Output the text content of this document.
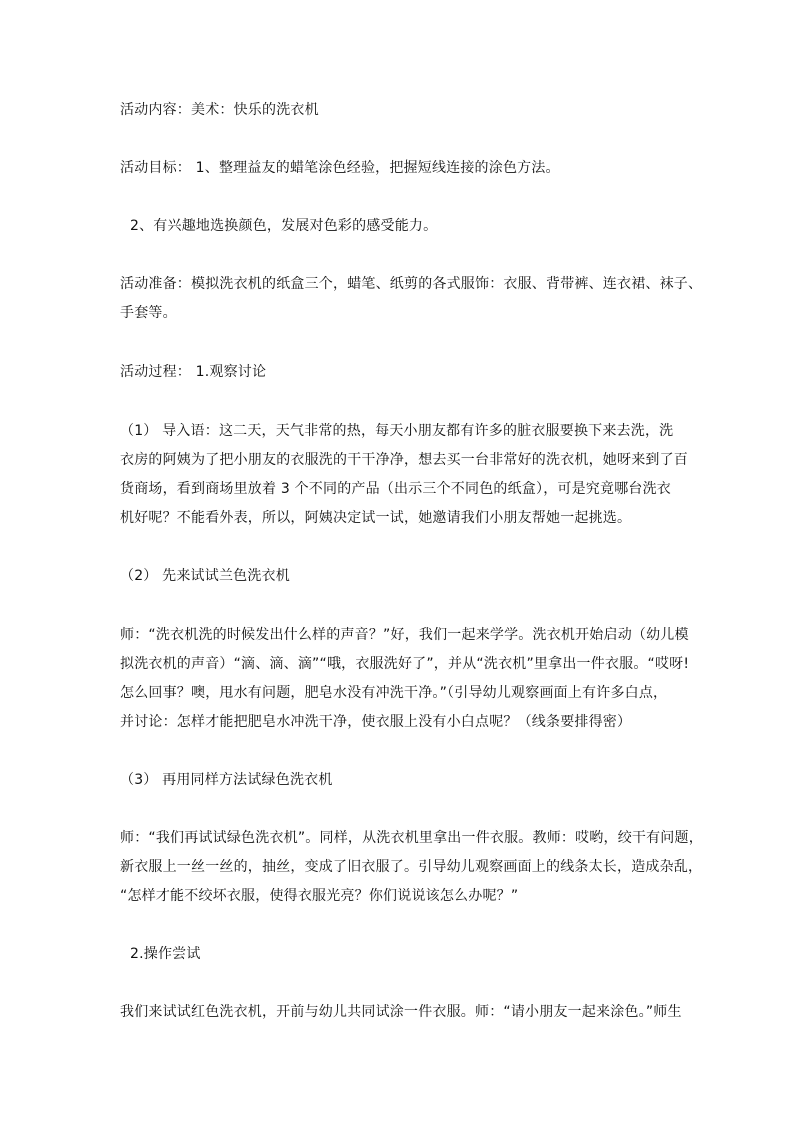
活动内容：美术：快乐的洗衣机
活动目标： 1、整理益友的蜡笔涂色经验，把握短线连接的涂色方法。
2、有兴趣地选换颜色，发展对色彩的感受能力。
活动准备：模拟洗衣机的纸盒三个，蜡笔、纸剪的各式服饰：衣服、背带裤、连衣裙、袜子、
手套等。
活动过程： 1.观察讨论
（1） 导入语：这二天，天气非常的热，每天小朋友都有许多的脏衣服要换下来去洗，洗
衣房的阿姨为了把小朋友的衣服洗的干干净净，想去买一台非常好的洗衣机，她呀来到了百
货商场，看到商场里放着 3 个不同的产品（出示三个不同色的纸盒），可是究竟哪台洗衣
机好呢？不能看外表，所以，阿姨决定试一试，她邀请我们小朋友帮她一起挑选。
（2） 先来试试兰色洗衣机
师：“洗衣机洗的时候发出什么样的声音？”好，我们一起来学学。洗衣机开始启动（幼儿模
拟洗衣机的声音）“滴、滴、滴”“哦，衣服洗好了”，并从“洗衣机”里拿出一件衣服。“哎呀!
怎么回事？噢，甩水有问题，肥皂水没有冲洗干净。”（引导幼儿观察画面上有许多白点，
并讨论：怎样才能把肥皂水冲洗干净，使衣服上没有小白点呢？（线条要排得密）
（3） 再用同样方法试绿色洗衣机
师：“我们再试试绿色洗衣机”。同样，从洗衣机里拿出一件衣服。教师：哎哟，绞干有问题，
新衣服上一丝一丝的，抽丝，变成了旧衣服了。引导幼儿观察画面上的线条太长，造成杂乱，
“怎样才能不绞坏衣服，使得衣服光亮？你们说说该怎么办呢？”
2.操作尝试
我们来试试红色洗衣机，开前与幼儿共同试涂一件衣服。师：“请小朋友一起来涂色。”师生
